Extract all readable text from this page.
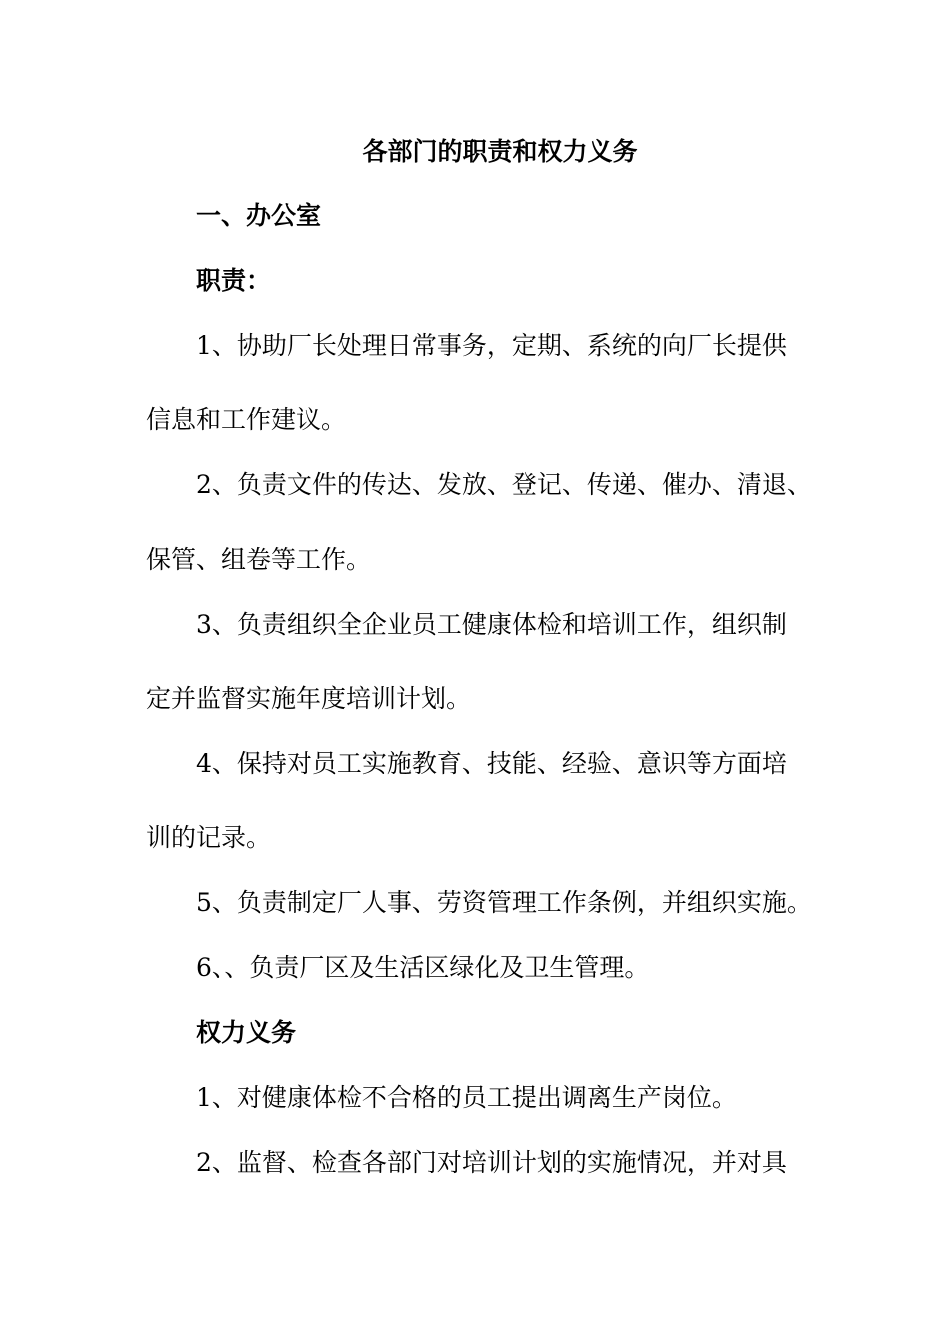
各部门的职责和权力义务
一、办公室
职责：

1、协助厂长处理日常事务，定期、系统的向厂长提供

信息和工作建议。

2、负责文件的传达、发放、登记、传递、催办、清退、

保管、组卷等工作。

3、负责组织全企业员工健康体检和培训工作，组织制

定并监督实施年度培训计划。

4、保持对员工实施教育、技能、经验、意识等方面培

训的记录。

5、负责制定厂人事、劳资管理工作条例，并组织实施。

6、、负责厂区及生活区绿化及卫生管理。

权力义务

1、对健康体检不合格的员工提出调离生产岗位。

2、监督、检查各部门对培训计划的实施情况，并对具
